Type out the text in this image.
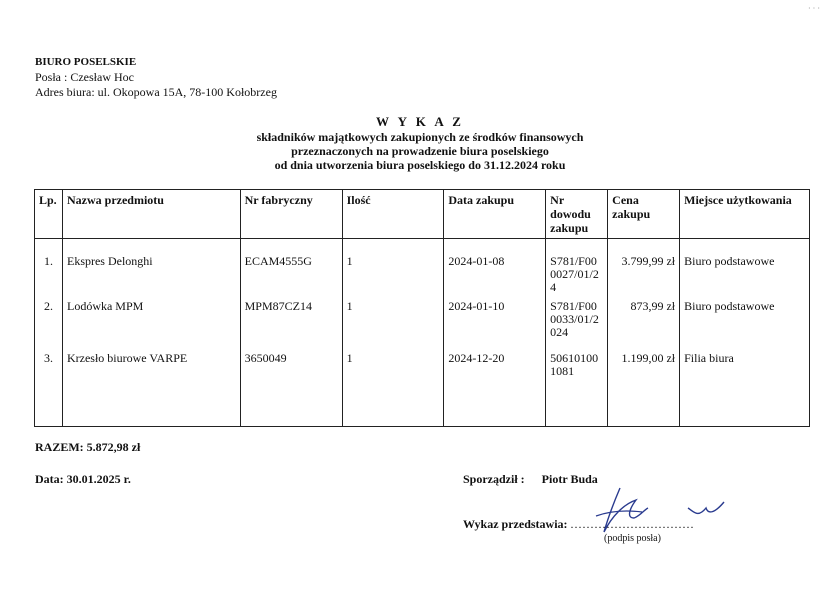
· · ·
BIURO POSELSKIE
Posła : Czesław Hoc
Adres biura: ul. Okopowa 15A, 78-100 Kołobrzeg
W Y K A Z
składników majątkowych zakupionych ze środków finansowych
przeznaczonych na prowadzenie biura poselskiego
od dnia utworzenia biura poselskiego do 31.12.2024 roku
Lp.	Nazwa przedmiotu	Nr fabryczny	Ilość	Data zakupu	Nr dowodu zakupu	Cena zakupu	Miejsce użytkowania
1.	Ekspres Delonghi	ECAM4555G	1	2024-01-08	S781/F00 0027/01/2 4	3.799,99 zł	Biuro podstawowe
2.	Lodówka MPM	MPM87CZ14	1	2024-01-10	S781/F00 0033/01/2 024	873,99 zł	Biuro podstawowe
3.	Krzesło biurowe VARPE	3650049	1	2024-12-20	50610100 1081	1.199,00 zł	Filia biura
RAZEM: 5.872,98 zł
Data: 30.01.2025 r.	Sporządził : Piotr Buda
Wykaz przedstawia: ...............................
(podpis posła)
